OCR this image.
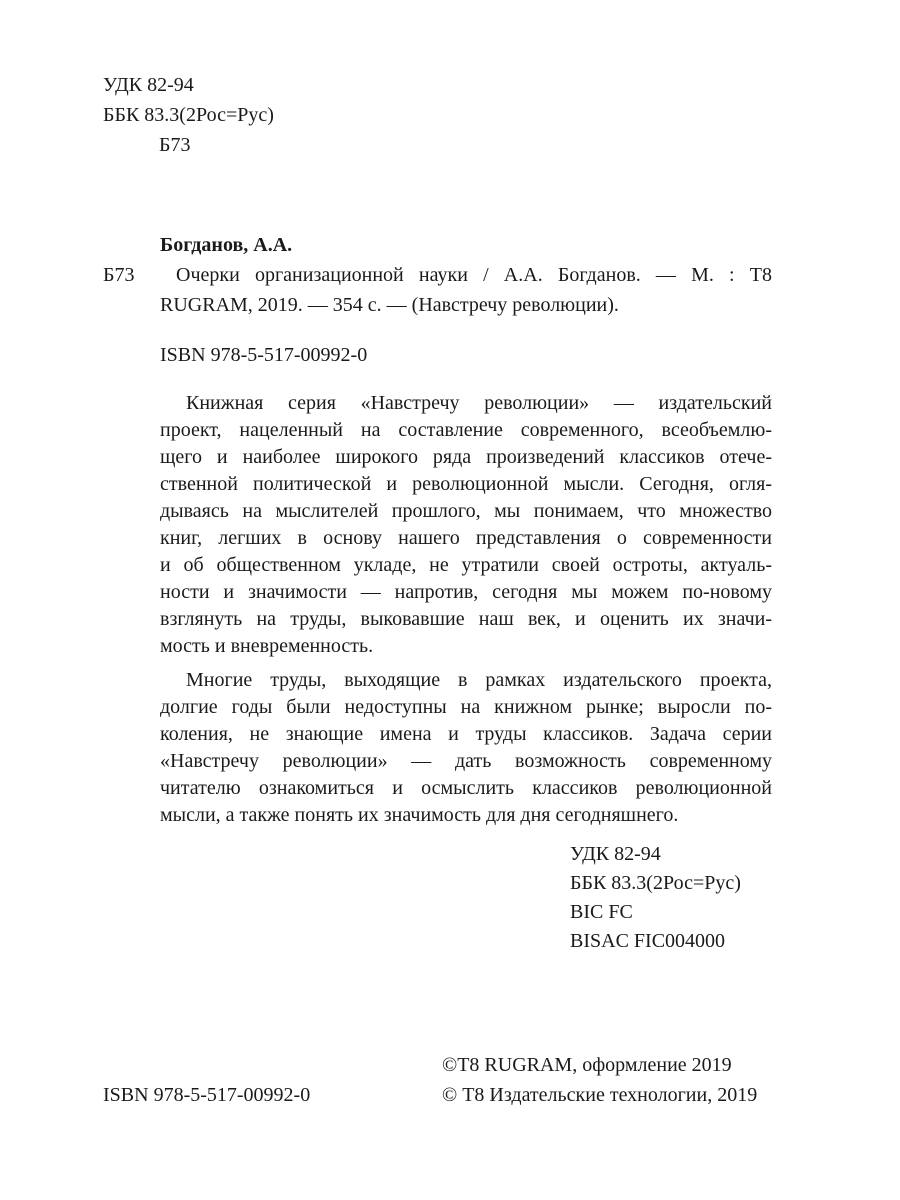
УДК 82-94
ББК 83.3(2Рос=Рус)
Б73
Богданов, А.А.
Б73	Очерки организационной науки / А.А. Богданов. — М. : Т8
RUGRAM, 2019. — 354 с. — (Навстречу революции).
ISBN 978-5-517-00992-0
Книжная серия «Навстречу революции» — издательский
проект, нацеленный на составление современного, всеобъемлю-
щего и наиболее широкого ряда произведений классиков отече-
ственной политической и революционной мысли. Сегодня, огля-
дываясь на мыслителей прошлого, мы понимаем, что множество
книг, легших в основу нашего представления о современности
и об общественном укладе, не утратили своей остроты, актуаль-
ности и значимости — напротив, сегодня мы можем по-новому
взглянуть на труды, выковавшие наш век, и оценить их значи-
мость и вневременность.
Многие труды, выходящие в рамках издательского проекта,
долгие годы были недоступны на книжном рынке; выросли по-
коления, не знающие имена и труды классиков. Задача серии
«Навстречу революции» — дать возможность современному
читателю ознакомиться и осмыслить классиков революционной
мысли, а также понять их значимость для дня сегодняшнего.
УДК 82-94
ББК 83.3(2Рос=Рус)
BIC FC
BISAC FIC004000
©T8 RUGRAM, оформление 2019
© Т8 Издательские технологии, 2019
ISBN 978-5-517-00992-0
